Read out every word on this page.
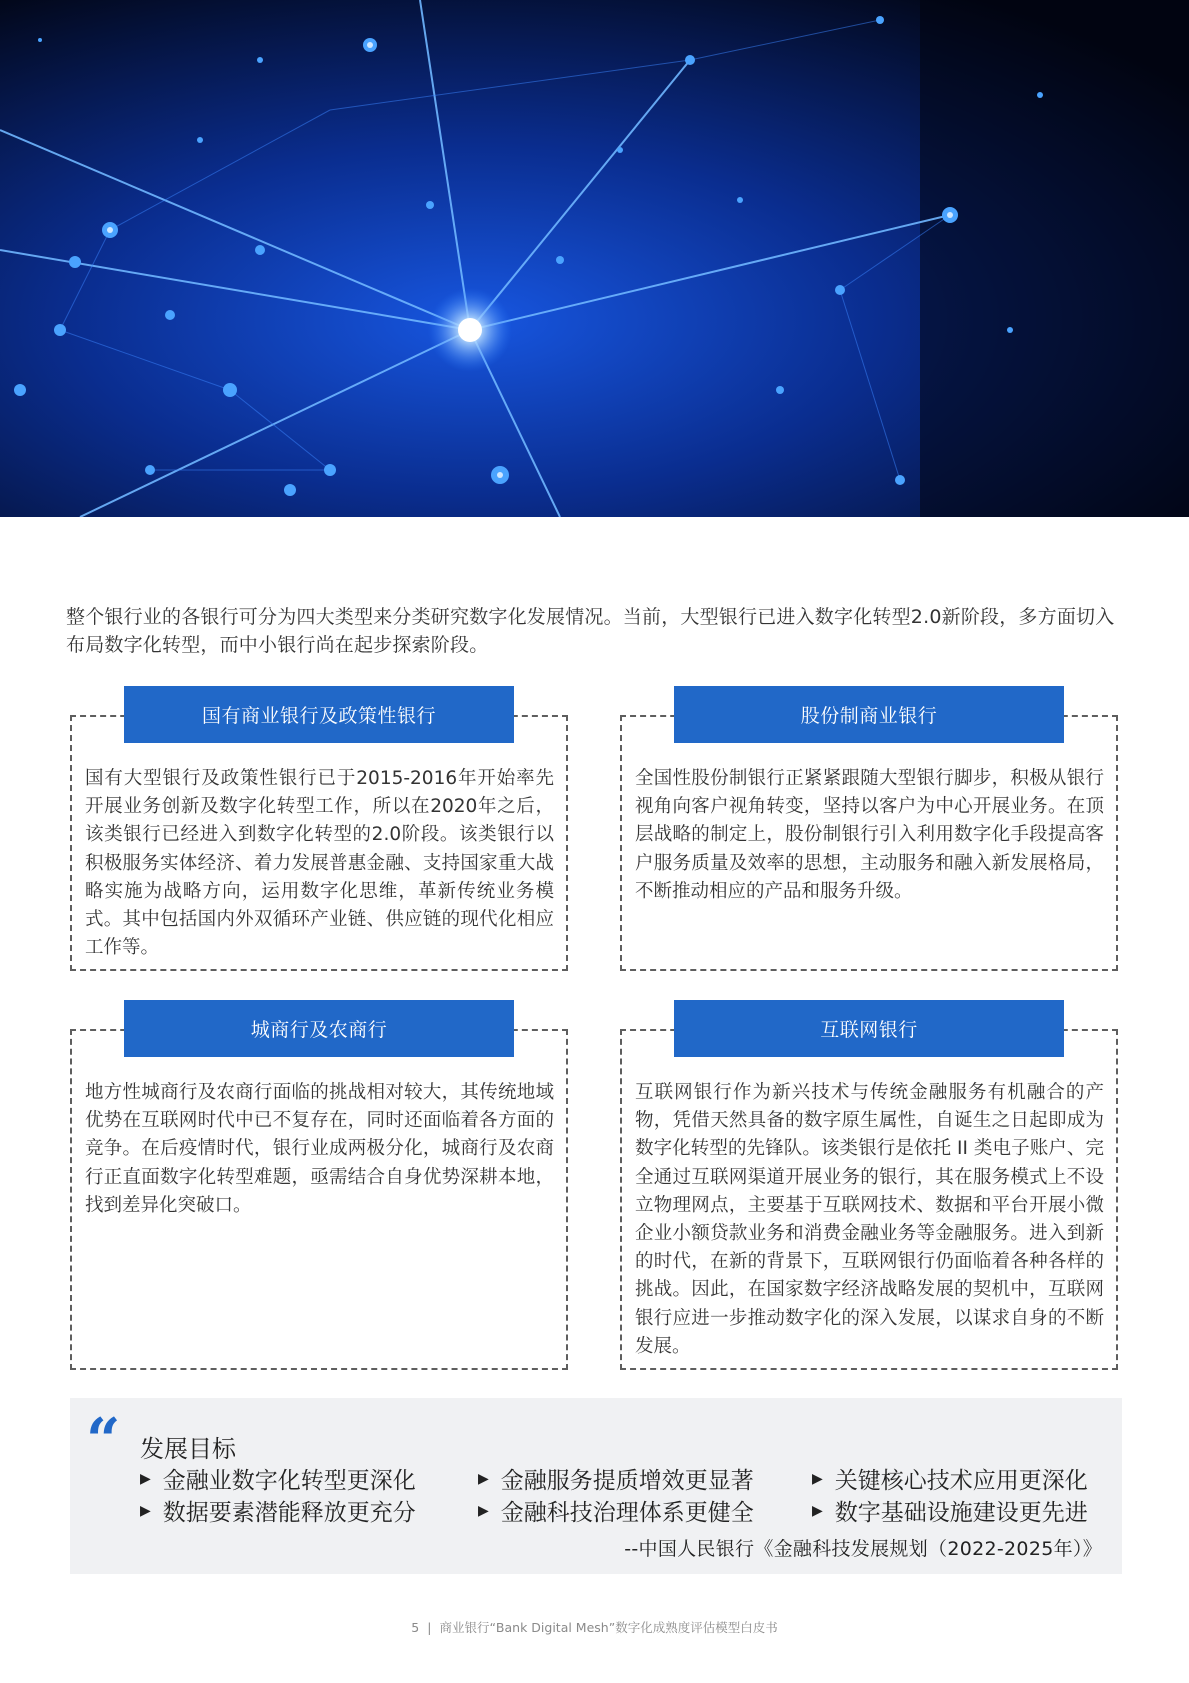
整个银行业的各银行可分为四大类型来分类研究数字化发展情况。当前，大型银行已进入数字化转型2.0新阶段，多方面切入布局数字化转型，而中小银行尚在起步探索阶段。
国有商业银行及政策性银行
国有大型银行及政策性银行已于2015-2016年开始率先开展业务创新及数字化转型工作，所以在2020年之后，该类银行已经进入到数字化转型的2.0阶段。该类银行以积极服务实体经济、着力发展普惠金融、支持国家重大战略实施为战略方向，运用数字化思维，革新传统业务模式。其中包括国内外双循环产业链、供应链的现代化相应工作等。
股份制商业银行
全国性股份制银行正紧紧跟随大型银行脚步，积极从银行视角向客户视角转变，坚持以客户为中心开展业务。在顶层战略的制定上，股份制银行引入利用数字化手段提高客户服务质量及效率的思想，主动服务和融入新发展格局，不断推动相应的产品和服务升级。
城商行及农商行
地方性城商行及农商行面临的挑战相对较大，其传统地域优势在互联网时代中已不复存在，同时还面临着各方面的竞争。在后疫情时代，银行业成两极分化，城商行及农商行正直面数字化转型难题，亟需结合自身优势深耕本地，找到差异化突破口。
互联网银行
互联网银行作为新兴技术与传统金融服务有机融合的产物，凭借天然具备的数字原生属性，自诞生之日起即成为数字化转型的先锋队。该类银行是依托 II 类电子账户、完全通过互联网渠道开展业务的银行，其在服务模式上不设立物理网点，主要基于互联网技术、数据和平台开展小微企业小额贷款业务和消费金融业务等金融服务。进入到新的时代，在新的背景下，互联网银行仍面临着各种各样的挑战。因此，在国家数字经济战略发展的契机中，互联网银行应进一步推动数字化的深入发展，以谋求自身的不断发展。
“ 发展目标
▶ 金融业数字化转型更深化	▶ 金融服务提质增效更显著	▶ 关键核心技术应用更深化
▶ 数据要素潜能释放更充分	▶ 金融科技治理体系更健全	▶ 数字基础设施建设更先进
--中国人民银行《金融科技发展规划（2022-2025年）》
5 | 商业银行“Bank Digital Mesh”数字化成熟度评估模型白皮书
